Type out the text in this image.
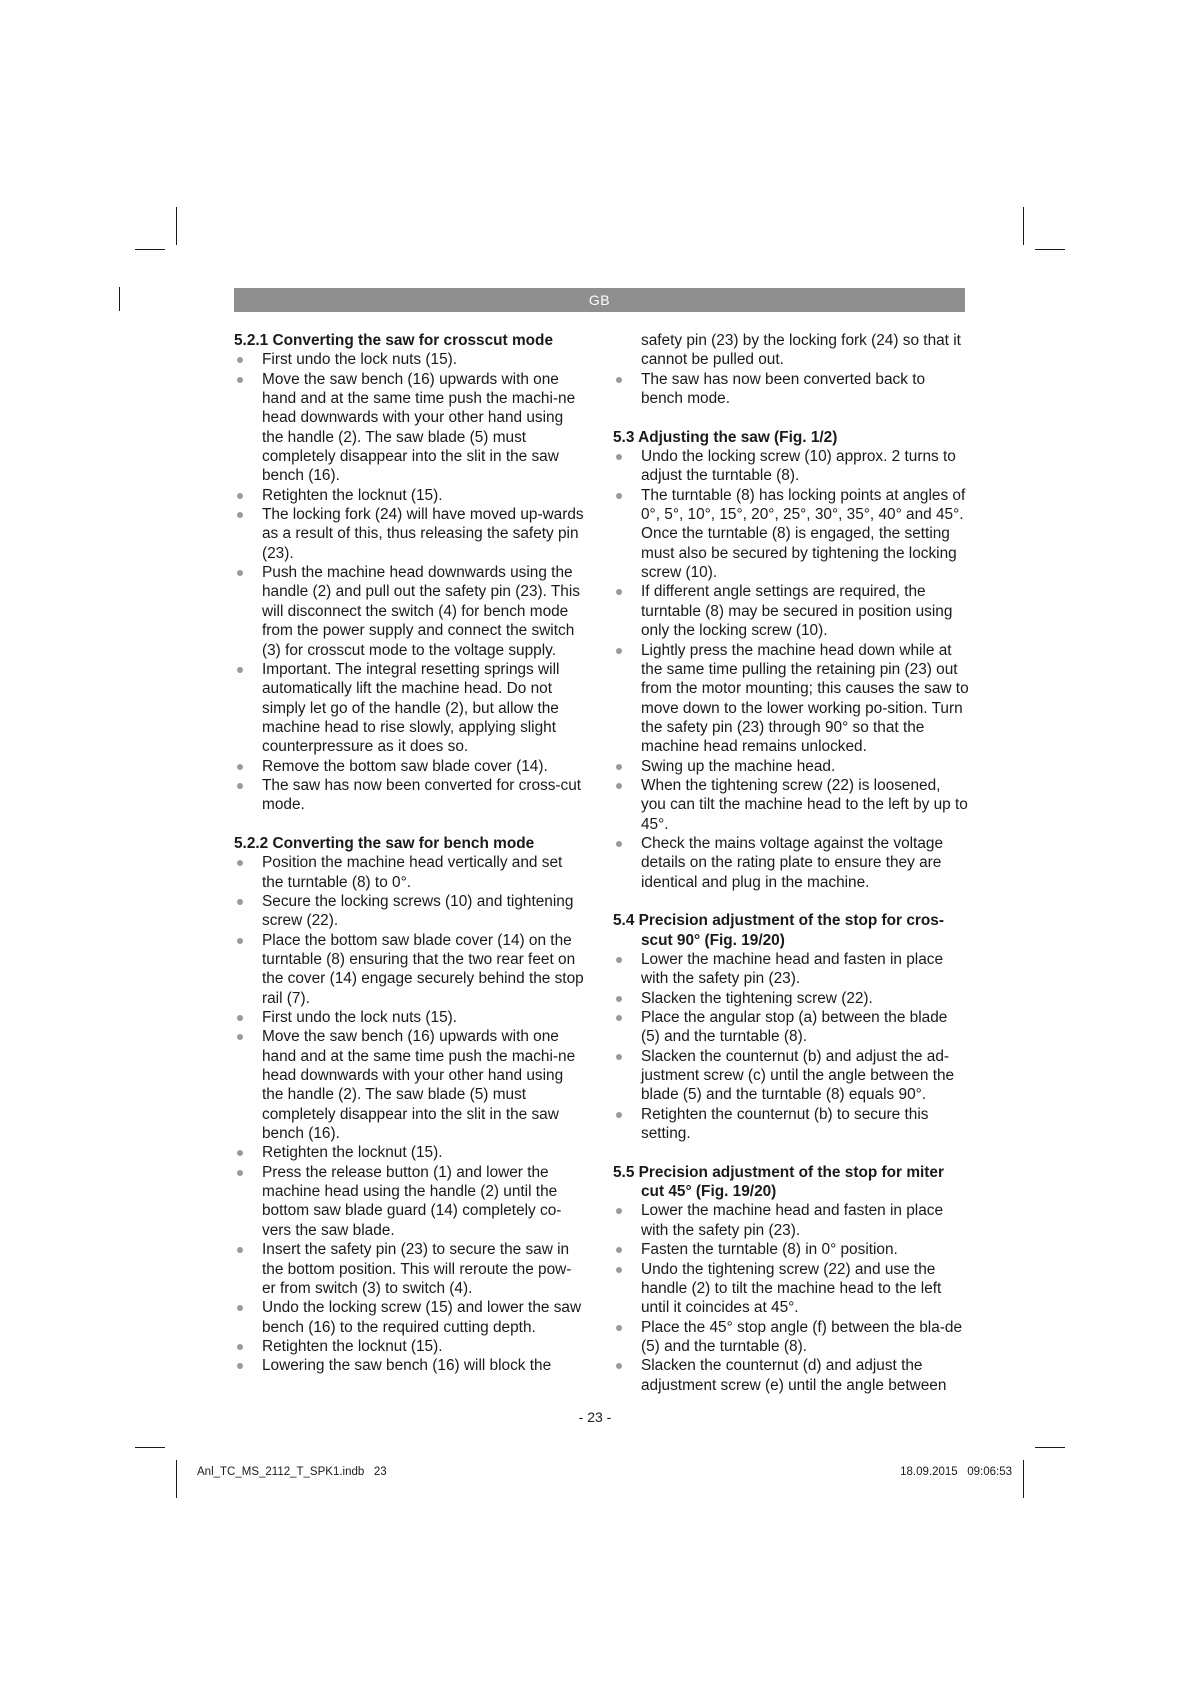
GB
5.2.1 Converting the saw for crosscut mode
First undo the lock nuts (15).
Move the saw bench (16) upwards with one hand and at the same time push the machi-ne head downwards with your other hand using the handle (2). The saw blade (5) must completely disappear into the slit in the saw bench (16).
Retighten the locknut (15).
The locking fork (24) will have moved up-wards as a result of this, thus releasing the safety pin (23).
Push the machine head downwards using the handle (2) and pull out the safety pin (23). This will disconnect the switch (4) for bench mode from the power supply and connect the switch (3) for crosscut mode to the voltage supply.
Important. The integral resetting springs will automatically lift the machine head. Do not simply let go of the handle (2), but allow the machine head to rise slowly, applying slight counterpressure as it does so.
Remove the bottom saw blade cover (14).
The saw has now been converted for cross-cut mode.
5.2.2 Converting the saw for bench mode
Position the machine head vertically and set the turntable (8) to 0°.
Secure the locking screws (10) and tightening screw (22).
Place the bottom saw blade cover (14) on the turntable (8) ensuring that the two rear feet on the cover (14) engage securely behind the stop rail (7).
First undo the lock nuts (15).
Move the saw bench (16) upwards with one hand and at the same time push the machi-ne head downwards with your other hand using the handle (2). The saw blade (5) must completely disappear into the slit in the saw bench (16).
Retighten the locknut (15).
Press the release button (1) and lower the machine head using the handle (2) until the bottom saw blade guard (14) completely co-vers the saw blade.
Insert the safety pin (23) to secure the saw in the bottom position. This will reroute the pow-er from switch (3) to switch (4).
Undo the locking screw (15) and lower the saw bench (16) to the required cutting depth.
Retighten the locknut (15).
Lowering the saw bench (16) will block the
safety pin (23) by the locking fork (24) so that it cannot be pulled out.
The saw has now been converted back to bench mode.
5.3 Adjusting the saw (Fig. 1/2)
Undo the locking screw (10) approx. 2 turns to adjust the turntable (8).
The turntable (8) has locking points at angles of 0°, 5°, 10°, 15°, 20°, 25°, 30°, 35°, 40° and 45°. Once the turntable (8) is engaged, the setting must also be secured by tightening the locking screw (10).
If different angle settings are required, the turntable (8) may be secured in position using only the locking screw (10).
Lightly press the machine head down while at the same time pulling the retaining pin (23) out from the motor mounting; this causes the saw to move down to the lower working po-sition. Turn the safety pin (23) through 90° so that the machine head remains unlocked.
Swing up the machine head.
When the tightening screw (22) is loosened, you can tilt the machine head to the left by up to 45°.
Check the mains voltage against the voltage details on the rating plate to ensure they are identical and plug in the machine.
5.4 Precision adjustment of the stop for cros-scut 90° (Fig. 19/20)
Lower the machine head and fasten in place with the safety pin (23).
Slacken the tightening screw (22).
Place the angular stop (a) between the blade (5) and the turntable (8).
Slacken the counternut (b) and adjust the ad-justment screw (c) until the angle between the blade (5) and the turntable (8) equals 90°.
Retighten the counternut (b) to secure this setting.
5.5 Precision adjustment of the stop for miter cut 45° (Fig. 19/20)
Lower the machine head and fasten in place with the safety pin (23).
Fasten the turntable (8) in 0° position.
Undo the tightening screw (22) and use the handle (2) to tilt the machine head to the left until it coincides at 45°.
Place the 45° stop angle (f) between the bla-de (5) and the turntable (8).
Slacken the counternut (d) and adjust the adjustment screw (e) until the angle between
- 23 -
Anl_TC_MS_2112_T_SPK1.indb   23	18.09.2015   09:06:53
